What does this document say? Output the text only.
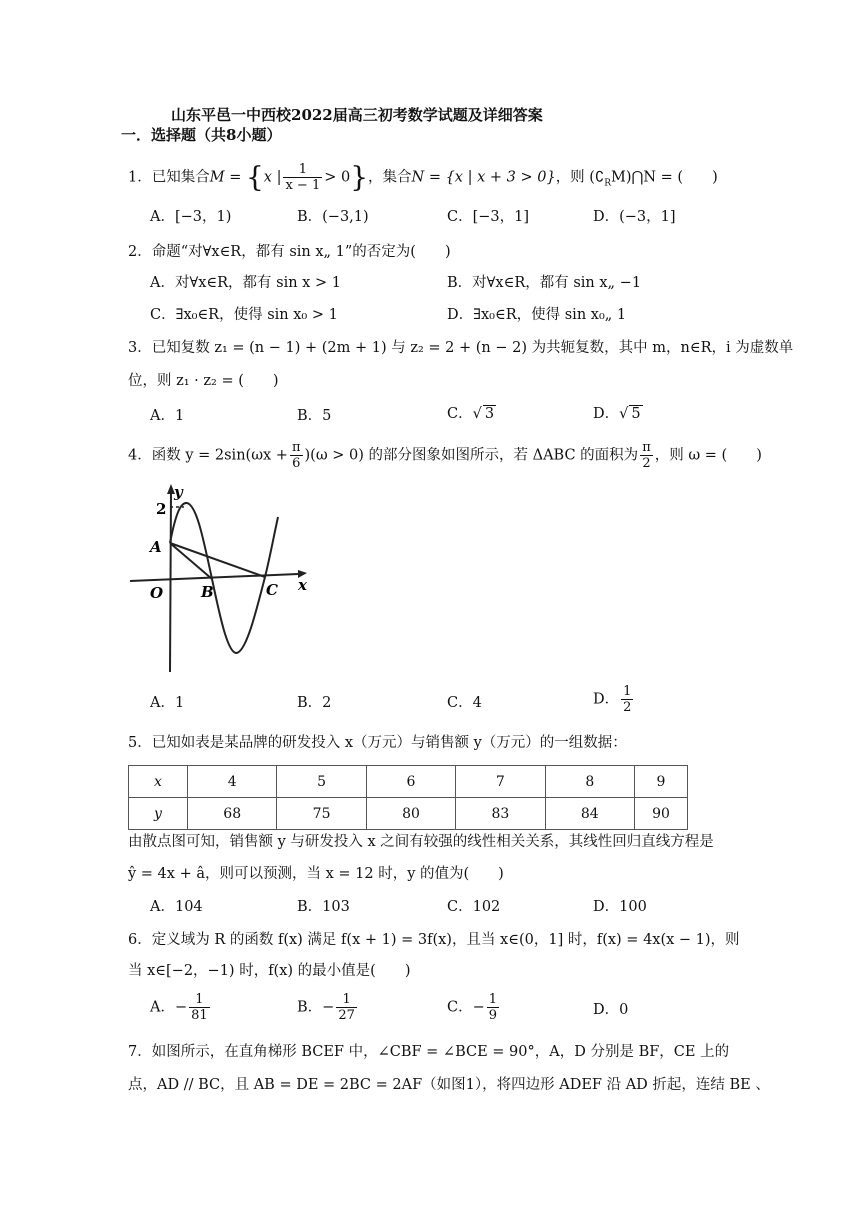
山东平邑一中西校2022届高三初考数学试题及详细答案
一．选择题（共8小题）
1．已知集合M = {x | $\frac{1}{x - 1} > 0$}，集合N = {x | x + 3 > 0}，则 $(∁_RM)⋂N$ = (　　)
A．[−3，1)	B．(−3,1)	C．[−3，1]	D．(−3，1]
2．命题“对∀x∈R，都有 sin x„ 1”的否定为(　　)
A．对∀x∈R，都有 sin x > 1	B．对∀x∈R，都有 sin x„ −1
C．∃x₀∈R，使得 sin x₀ > 1	D．∃x₀∈R，使得 sin x₀„ 1
3．已知复数 z₁ = (n − 1) + (2m + 1) 与 z₂ = 2 + (n − 2) 为共轭复数，其中 m，n∈R，i 为虚数单
位，则 z₁ · z₂ = (　　)
A．1	B．5	C．√ 3	D．√ 5
4．函数 $y = 2\sin(\omega x + \frac{\pi}{6} )(\omega > 0)$ 的部分图象如图所示，若 ΔABC 的面积为 $\frac{\pi}{2}$ ，则 ω = (　　)
y
2
A
O	B	C x
A．1	B．2	C．4	D． $\frac{1}{2}$
5．已知如表是某品牌的研发投入 x（万元）与销售额 y（万元）的一组数据：
x	4	5	6	7	8	9
y	68	75	80	83	84	90
由散点图可知，销售额 y 与研发投入 x 之间有较强的线性相关关系，其线性回归直线方程是
ŷ = 4x + â，则可以预测，当 x = 12 时，y 的值为(　　)
A．104	B．103	C．102	D．100
6．定义域为 R 的函数 f(x) 满足 f(x + 1) = 3f(x)，且当 x∈(0，1] 时，f(x) = 4x(x − 1)，则
当 x∈[−2，−1) 时，f(x) 的最小值是(　　)
A．− $\frac{1}{81}$	B．− $\frac{1}{27}$	C．− $\frac{1}{9}$	D．0
7．如图所示，在直角梯形 BCEF 中，∠CBF = ∠BCE = 90°，A，D 分别是 BF，CE 上的
点，AD // BC，且 AB = DE = 2BC = 2AF（如图1），将四边形 ADEF 沿 AD 折起，连结 BE 、
